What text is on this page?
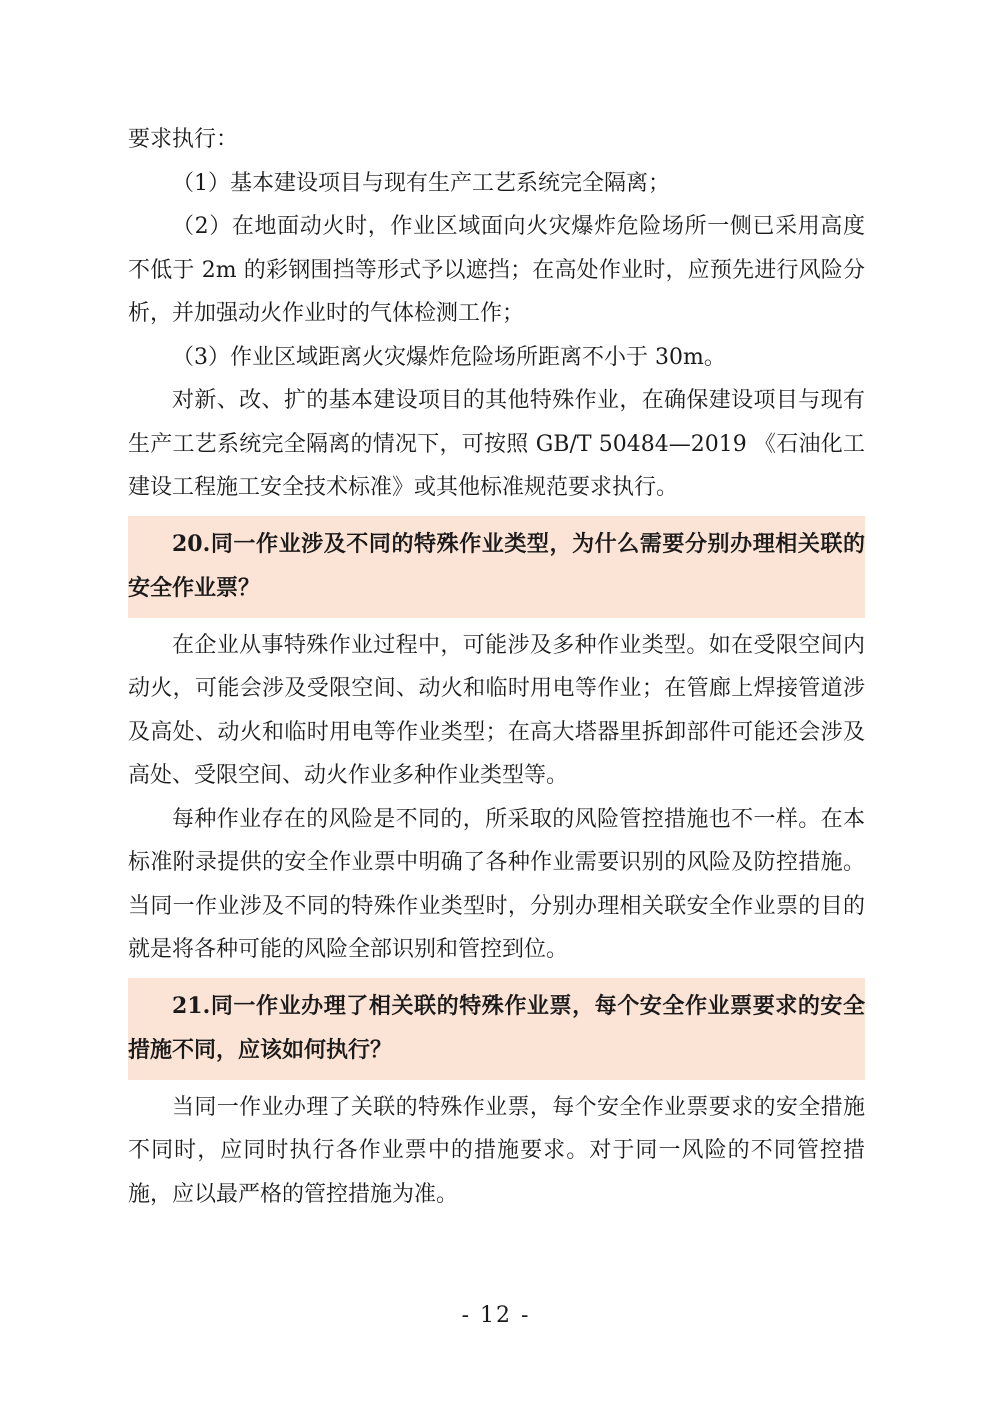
要求执行：

（1）基本建设项目与现有生产工艺系统完全隔离；

（2）在地面动火时，作业区域面向火灾爆炸危险场所一侧已采用高度不低于 2m 的彩钢围挡等形式予以遮挡；在高处作业时，应预先进行风险分析，并加强动火作业时的气体检测工作；

（3）作业区域距离火灾爆炸危险场所距离不小于 30m。

对新、改、扩的基本建设项目的其他特殊作业，在确保建设项目与现有生产工艺系统完全隔离的情况下，可按照 GB/T 50484—2019 《石油化工建设工程施工安全技术标准》或其他标准规范要求执行。

20.同一作业涉及不同的特殊作业类型，为什么需要分别办理相关联的安全作业票？

在企业从事特殊作业过程中，可能涉及多种作业类型。如在受限空间内动火，可能会涉及受限空间、动火和临时用电等作业；在管廊上焊接管道涉及高处、动火和临时用电等作业类型；在高大塔器里拆卸部件可能还会涉及高处、受限空间、动火作业多种作业类型等。

每种作业存在的风险是不同的，所采取的风险管控措施也不一样。在本标准附录提供的安全作业票中明确了各种作业需要识别的风险及防控措施。当同一作业涉及不同的特殊作业类型时，分别办理相关联安全作业票的目的就是将各种可能的风险全部识别和管控到位。

21.同一作业办理了相关联的特殊作业票，每个安全作业票要求的安全措施不同，应该如何执行？

当同一作业办理了关联的特殊作业票，每个安全作业票要求的安全措施不同时，应同时执行各作业票中的措施要求。对于同一风险的不同管控措施，应以最严格的管控措施为准。

- 12 -
